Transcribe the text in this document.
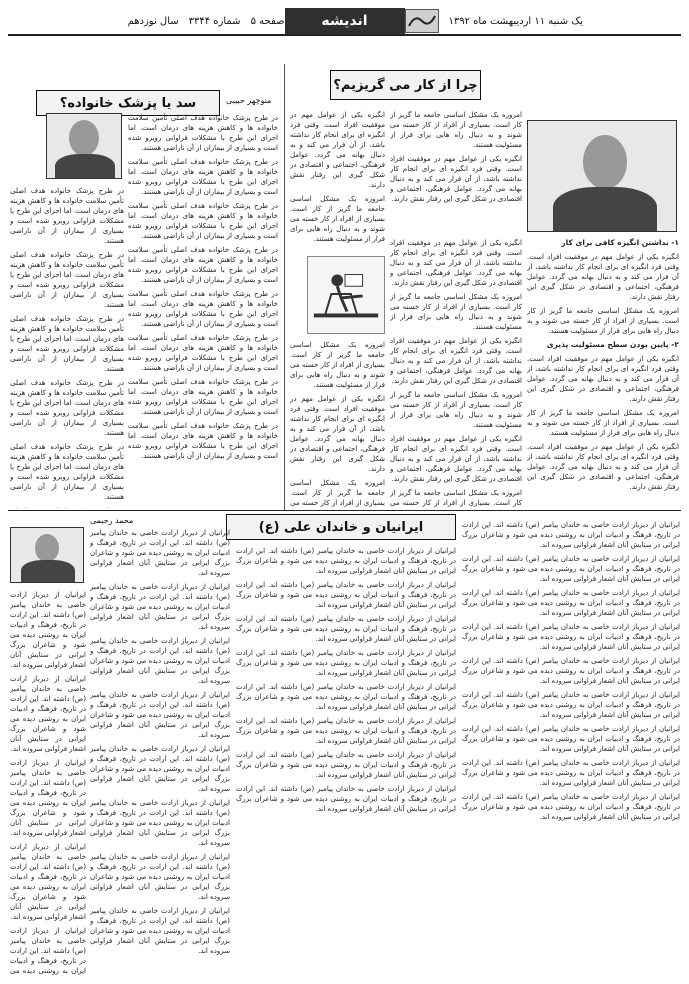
صفحه ۵
شماره ۳۳۴۴
سال نوزدهم	اندیشه	یک شنبه ۱۱ اردیبهشت ماه ۱۳۹۲
چرا از کار می گریزیم؟

امروزه یک مشکل اساسی جامعه ما گریز از کار است. بسیاری از افراد از کار خسته می شوند و به دنبال راه هایی برای فرار از مسئولیت هستند.

انگیزه یکی از عوامل مهم در موفقیت افراد است. وقتی فرد انگیزه ای برای انجام کار نداشته باشد، از آن فرار می کند و به دنبال بهانه می گردد. عوامل فرهنگی، اجتماعی و اقتصادی در شکل گیری این رفتار نقش دارند.

۱- نداشتن انگیزه کافی برای کار

انگیزه یکی از عوامل مهم در موفقیت افراد است. وقتی فرد انگیزه ای برای انجام کار نداشته باشد، از آن فرار می کند و به دنبال بهانه می گردد. عوامل فرهنگی، اجتماعی و اقتصادی در شکل گیری این رفتار نقش دارند.

امروزه یک مشکل اساسی جامعه ما گریز از کار است. بسیاری از افراد از کار خسته می شوند و به دنبال راه هایی برای فرار از مسئولیت هستند.

۲- پایین بودن سطح مسئولیت پذیری

انگیزه یکی از عوامل مهم در موفقیت افراد است. وقتی فرد انگیزه ای برای انجام کار نداشته باشد، از آن فرار می کند و به دنبال بهانه می گردد. عوامل فرهنگی، اجتماعی و اقتصادی در شکل گیری این رفتار نقش دارند.

امروزه یک مشکل اساسی جامعه ما گریز از کار است. بسیاری از افراد از کار خسته می شوند و به دنبال راه هایی برای فرار از مسئولیت هستند.

انگیزه یکی از عوامل مهم در موفقیت افراد است. وقتی فرد انگیزه ای برای انجام کار نداشته باشد، از آن فرار می کند و به دنبال بهانه می گردد. عوامل فرهنگی، اجتماعی و اقتصادی در شکل گیری این رفتار نقش دارند.

انگیزه یکی از عوامل مهم در موفقیت افراد است. وقتی فرد انگیزه ای برای انجام کار نداشته باشد، از آن فرار می کند و به دنبال بهانه می گردد. عوامل فرهنگی، اجتماعی و اقتصادی در شکل گیری این رفتار نقش دارند.

امروزه یک مشکل اساسی جامعه ما گریز از کار است. بسیاری از افراد از کار خسته می شوند و به دنبال راه هایی برای فرار از مسئولیت هستند.

انگیزه یکی از عوامل مهم در موفقیت افراد است. وقتی فرد انگیزه ای برای انجام کار نداشته باشد، از آن فرار می کند و به دنبال بهانه می گردد. عوامل فرهنگی، اجتماعی و اقتصادی در شکل گیری این رفتار نقش دارند.

امروزه یک مشکل اساسی جامعه ما گریز از کار است. بسیاری از افراد از کار خسته می شوند و به دنبال راه هایی برای فرار از مسئولیت هستند.

انگیزه یکی از عوامل مهم در موفقیت افراد است. وقتی فرد انگیزه ای برای انجام کار نداشته باشد، از آن فرار می کند و به دنبال بهانه می گردد. عوامل فرهنگی، اجتماعی و اقتصادی در شکل گیری این رفتار نقش دارند.

امروزه یک مشکل اساسی جامعه ما گریز از کار است. بسیاری از افراد از کار خسته می

انگیزه یکی از عوامل مهم در موفقیت افراد است. وقتی فرد انگیزه ای برای انجام کار نداشته باشد، از آن فرار می کند و به دنبال بهانه می گردد. عوامل فرهنگی، اجتماعی و اقتصادی در شکل گیری این رفتار نقش دارند.

امروزه یک مشکل اساسی جامعه ما گریز از کار است. بسیاری از افراد از کار خسته می شوند و به دنبال راه هایی برای فرار از مسئولیت هستند.

امروزه یک مشکل اساسی جامعه ما گریز از کار است. بسیاری از افراد از کار خسته می شوند و به دنبال راه هایی برای فرار از مسئولیت هستند.

انگیزه یکی از عوامل مهم در موفقیت افراد است. وقتی فرد انگیزه ای برای انجام کار نداشته باشد، از آن فرار می کند و به دنبال بهانه می گردد. عوامل فرهنگی، اجتماعی و اقتصادی در شکل گیری این رفتار نقش دارند.

امروزه یک مشکل اساسی جامعه ما گریز از کار است. بسیاری از افراد از کار خسته می

سد یا پزشک خانواده؟	منوچهر حبیبی

در طرح پزشک خانواده هدف اصلی تأمین سلامت خانواده ها و کاهش هزینه های درمان است. اما اجرای این طرح با مشکلات فراوانی روبرو شده است و بسیاری از بیماران از آن ناراضی هستند.

در طرح پزشک خانواده هدف اصلی تأمین سلامت خانواده ها و کاهش هزینه های درمان است. اما اجرای این طرح با مشکلات فراوانی روبرو شده است و بسیاری از بیماران از آن ناراضی هستند.

در طرح پزشک خانواده هدف اصلی تأمین سلامت خانواده ها و کاهش هزینه های درمان است. اما اجرای این طرح با مشکلات فراوانی روبرو شده است و بسیاری از بیماران از آن ناراضی هستند.

در طرح پزشک خانواده هدف اصلی تأمین سلامت خانواده ها و کاهش هزینه های درمان است. اما اجرای این طرح با مشکلات فراوانی روبرو شده است و بسیاری از بیماران از آن ناراضی هستند.

در طرح پزشک خانواده هدف اصلی تأمین سلامت خانواده ها و کاهش هزینه های درمان است. اما اجرای این طرح با مشکلات فراوانی روبرو شده است و بسیاری از بیماران از آن ناراضی هستند.

در طرح پزشک خانواده هدف اصلی تأمین سلامت خانواده ها و کاهش هزینه های درمان است. اما اجرای این طرح با مشکلات فراوانی روبرو شده است و بسیاری از بیماران از آن ناراضی هستند.

در طرح پزشک خانواده هدف اصلی تأمین سلامت خانواده ها و کاهش هزینه های درمان است. اما اجرای این طرح با مشکلات فراوانی روبرو شده است و بسیاری از بیماران از آن ناراضی هستند.

در طرح پزشک خانواده هدف اصلی تأمین سلامت خانواده ها و کاهش هزینه های درمان است. اما اجرای این طرح با مشکلات فراوانی روبرو شده است و بسیاری از بیماران از آن ناراضی هستند.

در طرح پزشک خانواده هدف اصلی تأمین سلامت خانواده ها و کاهش هزینه های درمان است. اما اجرای این طرح با مشکلات فراوانی روبرو شده است و بسیاری از بیماران از آن ناراضی هستند.

در طرح پزشک خانواده هدف اصلی تأمین سلامت خانواده ها و کاهش هزینه های درمان است. اما اجرای این طرح با مشکلات فراوانی روبرو شده است و بسیاری از بیماران از آن ناراضی هستند.

در طرح پزشک خانواده هدف اصلی تأمین سلامت خانواده ها و کاهش هزینه های درمان است. اما اجرای این طرح با مشکلات فراوانی روبرو شده است و بسیاری از بیماران از آن ناراضی هستند.

در طرح پزشک خانواده هدف اصلی تأمین سلامت خانواده ها و کاهش هزینه های درمان است. اما اجرای این طرح با مشکلات فراوانی روبرو شده است و بسیاری از بیماران از آن ناراضی هستند.

در طرح پزشک خانواده هدف اصلی تأمین سلامت خانواده ها و کاهش هزینه های درمان است. اما اجرای این طرح با مشکلات فراوانی روبرو شده است و بسیاری از بیماران از آن ناراضی هستند.

ایرانیان و خاندان علی (ع)
محمد رحیمی	ایرانیان از دیرباز ارادت خاصی به خاندان پیامبر (ص) داشته اند. این ارادت در تاریخ، فرهنگ و ادبیات ایران به روشنی دیده می شود و شاعران بزرگ ایرانی در ستایش آنان اشعار فراوانی سروده اند.

ایرانیان از دیرباز ارادت خاصی به خاندان پیامبر (ص) داشته اند. این ارادت در تاریخ، فرهنگ و ادبیات ایران به روشنی دیده می شود و شاعران بزرگ ایرانی در ستایش آنان اشعار فراوانی سروده اند.

ایرانیان از دیرباز ارادت خاصی به خاندان پیامبر (ص) داشته اند. این ارادت در تاریخ، فرهنگ و ادبیات ایران به روشنی دیده می شود و شاعران بزرگ ایرانی در ستایش آنان اشعار فراوانی سروده اند.

ایرانیان از دیرباز ارادت خاصی به خاندان پیامبر (ص) داشته اند. این ارادت در تاریخ، فرهنگ و ادبیات ایران به روشنی دیده می شود و شاعران بزرگ ایرانی در ستایش آنان اشعار فراوانی سروده اند.

ایرانیان از دیرباز ارادت خاصی به خاندان پیامبر (ص) داشته اند. این ارادت در تاریخ، فرهنگ و ادبیات ایران به روشنی دیده می شود و شاعران بزرگ ایرانی در ستایش آنان اشعار فراوانی سروده اند.

ایرانیان از دیرباز ارادت خاصی به خاندان پیامبر (ص) داشته اند. این ارادت در تاریخ، فرهنگ و ادبیات ایران به روشنی دیده می شود و شاعران بزرگ ایرانی در ستایش آنان اشعار فراوانی سروده اند.

ایرانیان از دیرباز ارادت خاصی به خاندان پیامبر (ص) داشته اند. این ارادت در تاریخ، فرهنگ و ادبیات ایران به روشنی دیده می شود و شاعران بزرگ ایرانی در ستایش آنان اشعار فراوانی سروده اند.

ایرانیان از دیرباز ارادت خاصی به خاندان پیامبر (ص) داشته اند. این ارادت در تاریخ، فرهنگ و ادبیات ایران به روشنی دیده می شود و شاعران بزرگ ایرانی در ستایش آنان اشعار فراوانی سروده اند.

ایرانیان از دیرباز ارادت خاصی به خاندان پیامبر (ص) داشته اند. این ارادت در تاریخ، فرهنگ و ادبیات ایران به روشنی دیده می شود و شاعران بزرگ ایرانی در ستایش آنان اشعار فراوانی سروده اند.

ایرانیان از دیرباز ارادت خاصی به خاندان پیامبر (ص) داشته اند. این ارادت در تاریخ، فرهنگ و ادبیات ایران به روشنی دیده می شود و شاعران بزرگ ایرانی در ستایش آنان اشعار فراوانی سروده اند.

ایرانیان از دیرباز ارادت خاصی به خاندان پیامبر (ص) داشته اند. این ارادت در تاریخ، فرهنگ و ادبیات ایران به روشنی دیده می شود و شاعران بزرگ ایرانی در ستایش آنان اشعار فراوانی سروده اند.

ایرانیان از دیرباز ارادت خاصی به خاندان پیامبر (ص) داشته اند. این ارادت در تاریخ، فرهنگ و ادبیات ایران به روشنی دیده می شود و شاعران بزرگ ایرانی در ستایش آنان اشعار فراوانی سروده اند.

ایرانیان از دیرباز ارادت خاصی به خاندان پیامبر (ص) داشته اند. این ارادت در تاریخ، فرهنگ و ادبیات ایران به روشنی دیده می شود و شاعران بزرگ ایرانی در ستایش آنان اشعار فراوانی سروده اند.

ایرانیان از دیرباز ارادت خاصی به خاندان پیامبر (ص) داشته اند. این ارادت در تاریخ، فرهنگ و ادبیات ایران به روشنی دیده می شود و شاعران بزرگ ایرانی در ستایش آنان اشعار فراوانی سروده اند.

ایرانیان از دیرباز ارادت خاصی به خاندان پیامبر (ص) داشته اند. این ارادت در تاریخ، فرهنگ و ادبیات ایران به روشنی دیده می شود و شاعران بزرگ ایرانی در ستایش آنان اشعار فراوانی سروده اند.

ایرانیان از دیرباز ارادت خاصی به خاندان پیامبر (ص) داشته اند. این ارادت در تاریخ، فرهنگ و ادبیات ایران به روشنی دیده می شود و شاعران بزرگ ایرانی در ستایش آنان اشعار فراوانی سروده اند.

ایرانیان از دیرباز ارادت خاصی به خاندان پیامبر (ص) داشته اند. این ارادت در تاریخ، فرهنگ و ادبیات ایران به روشنی دیده می شود و شاعران بزرگ ایرانی در ستایش آنان اشعار فراوانی سروده اند.

ایرانیان از دیرباز ارادت خاصی به خاندان پیامبر (ص) داشته اند. این ارادت در تاریخ، فرهنگ و ادبیات ایران به روشنی دیده می شود و شاعران بزرگ ایرانی در ستایش آنان اشعار فراوانی سروده اند.

ایرانیان از دیرباز ارادت خاصی به خاندان پیامبر (ص) داشته اند. این ارادت در تاریخ، فرهنگ و ادبیات ایران به روشنی دیده می شود و شاعران بزرگ ایرانی در ستایش آنان اشعار فراوانی سروده اند.

ایرانیان از دیرباز ارادت خاصی به خاندان پیامبر (ص) داشته اند. این ارادت در تاریخ، فرهنگ و ادبیات ایران به روشنی دیده می شود و شاعران بزرگ ایرانی در ستایش آنان اشعار فراوانی سروده اند.

ایرانیان از دیرباز ارادت خاصی به خاندان پیامبر (ص) داشته اند. این ارادت در تاریخ، فرهنگ و ادبیات ایران به روشنی دیده می شود و شاعران بزرگ ایرانی در ستایش آنان اشعار فراوانی سروده اند.

ایرانیان از دیرباز ارادت خاصی به خاندان پیامبر (ص) داشته اند. این ارادت در تاریخ، فرهنگ و ادبیات ایران به روشنی دیده می شود و شاعران بزرگ ایرانی در ستایش آنان اشعار فراوانی سروده اند.

ایرانیان از دیرباز ارادت خاصی به خاندان پیامبر (ص) داشته اند. این ارادت در تاریخ، فرهنگ و ادبیات ایران به روشنی دیده می شود و شاعران بزرگ ایرانی در ستایش آنان اشعار فراوانی سروده اند.

ایرانیان از دیرباز ارادت خاصی به خاندان پیامبر (ص) داشته اند. این ارادت در تاریخ، فرهنگ و ادبیات ایران به روشنی دیده می شود و شاعران بزرگ ایرانی در ستایش آنان اشعار فراوانی سروده اند.

ایرانیان از دیرباز ارادت خاصی به خاندان پیامبر (ص) داشته اند. این ارادت در تاریخ، فرهنگ و ادبیات ایران به روشنی دیده می شود و شاعران بزرگ ایرانی در ستایش آنان اشعار فراوانی سروده اند.

ایرانیان از دیرباز ارادت خاصی به خاندان پیامبر (ص) داشته اند. این ارادت در تاریخ، فرهنگ و ادبیات ایران به روشنی دیده می شود و شاعران بزرگ ایرانی در ستایش آنان اشعار فراوانی سروده اند.

ایرانیان از دیرباز ارادت خاصی به خاندان پیامبر (ص) داشته اند. این ارادت در تاریخ، فرهنگ و ادبیات ایران به روشنی دیده می شود و شاعران بزرگ ایرانی در ستایش آنان اشعار فراوانی سروده اند.

ایرانیان از دیرباز ارادت خاصی به خاندان پیامبر (ص) داشته اند. این ارادت در تاریخ، فرهنگ و ادبیات ایران به روشنی دیده می شود و شاعران بزرگ ایرانی در ستایش آنان اشعار فراوانی سروده اند.

ایرانیان از دیرباز ارادت خاصی به خاندان پیامبر (ص) داشته اند. این ارادت در تاریخ، فرهنگ و ادبیات ایران به روشنی دیده می شود و شاعران بزرگ ایرانی در ستایش آنان اشعار فراوانی سروده اند.

ایرانیان از دیرباز ارادت خاصی به خاندان پیامبر (ص) داشته اند. این ارادت در تاریخ، فرهنگ و ادبیات ایران به روشنی دیده می
